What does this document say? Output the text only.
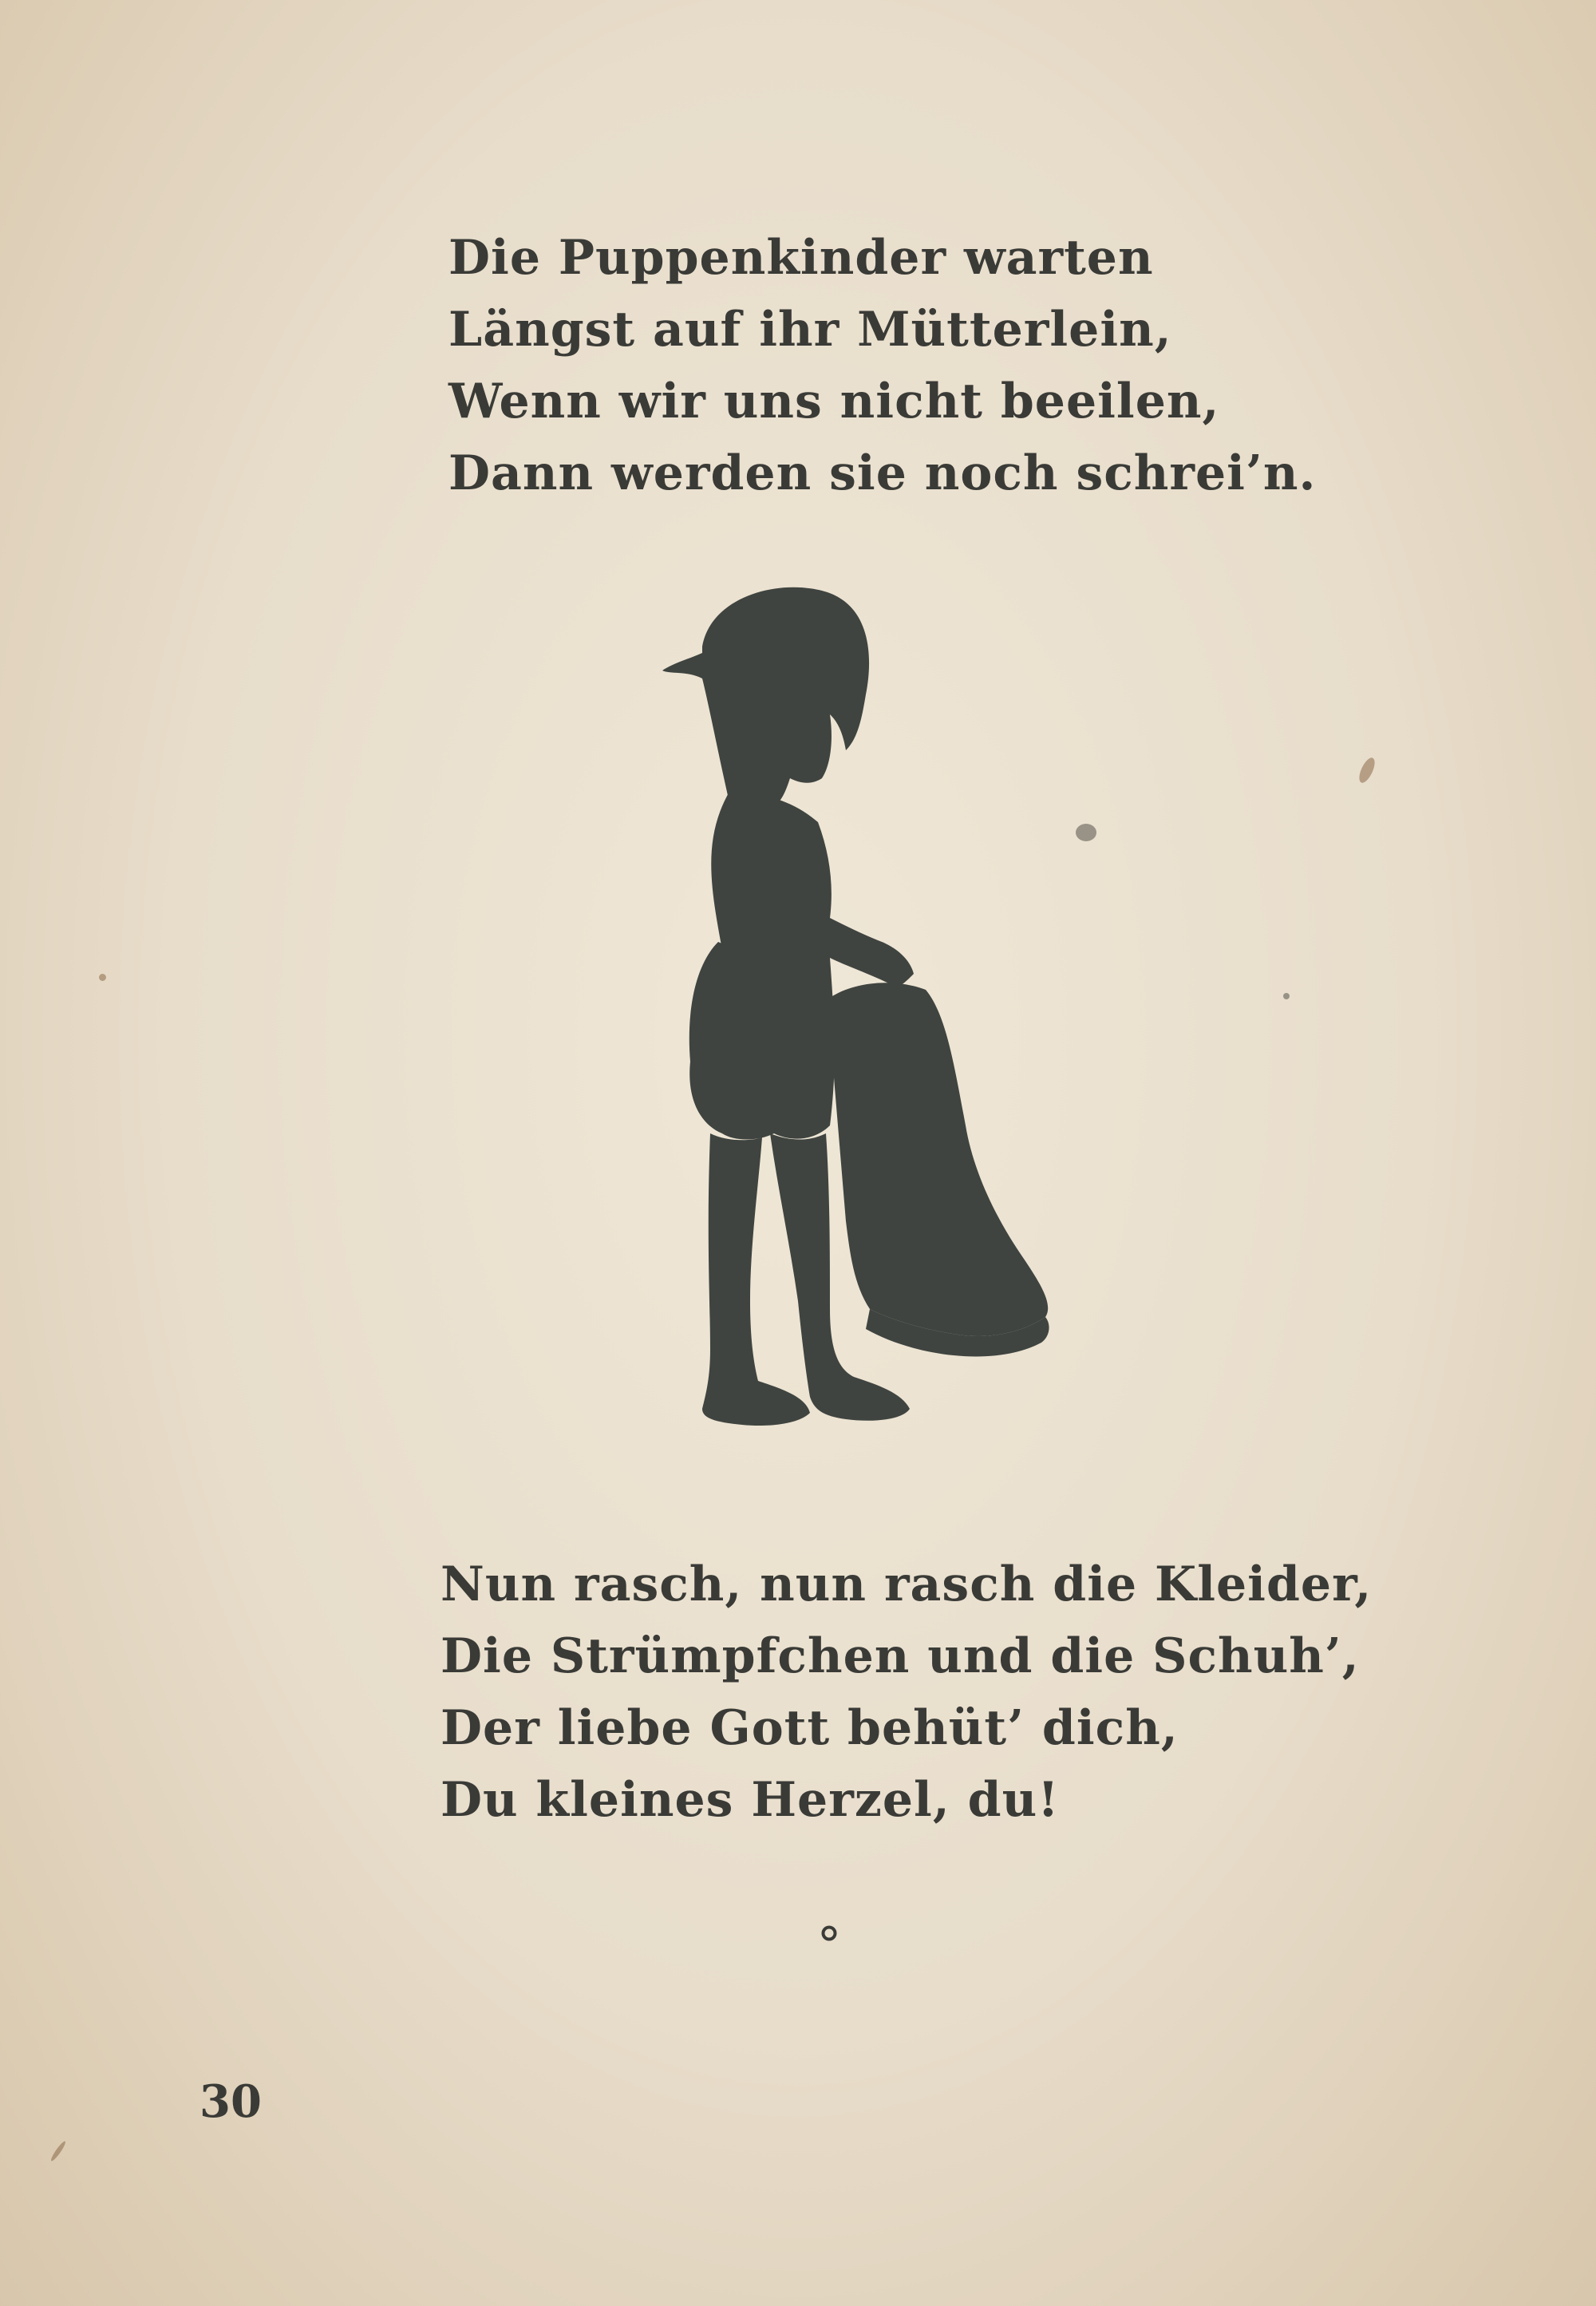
Die Puppenkinder warten
Längst auf ihr Mütterlein,
Wenn wir uns nicht beeilen,
Dann werden sie noch schrei’n.
Nun rasch, nun rasch die Kleider,
Die Strümpfchen und die Schuh’,
Der liebe Gott behüt’ dich,
Du kleines Herzel, du!
30
